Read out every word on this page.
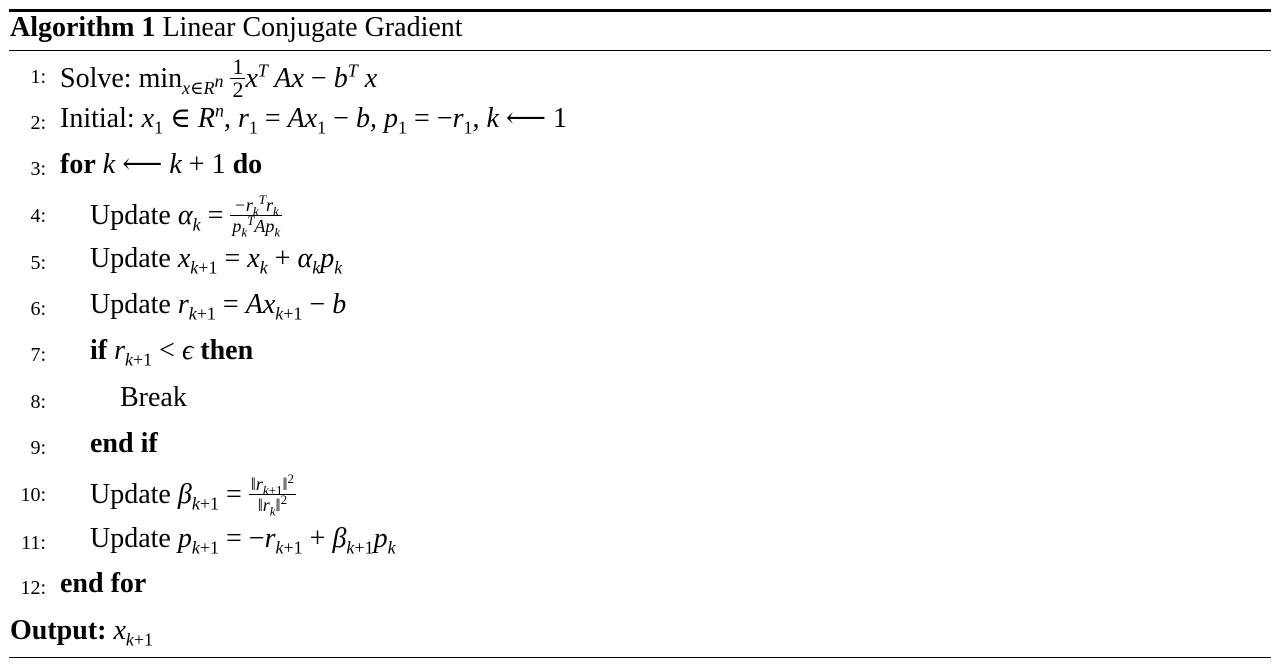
Algorithm 1 Linear Conjugate Gradient
1: Solve: $\min_{x\in R^n} \frac{1}{2} x^T$ $Ax - b^T$ x
2: Initial: $x_1$ ∈ $R^n$, $r_1 = Ax_1 - b$, $p_1 = -r_1$, k ⟵ 1
3: for k ⟵ k + 1 do
4: Update $\alpha_k = \frac{-r_k^Tr_k}{p_k^TAp_k}$
5: Update $x_{k+1} = x_k + \alpha_kp_k$
6: Update $r_{k+1} = Ax_{k+1} - b$
7: if $r_{k+1} < \epsilon$ then
8:	Break
9: end if
10: Update $\beta_{k+1} = \frac{‖r_{k+1}‖^2}{‖r_k‖^2}$
11: Update $p_{k+1} = -r_{k+1} + \beta_{k+1}p_k$
12: end for
Output: $x_{k+1}$
